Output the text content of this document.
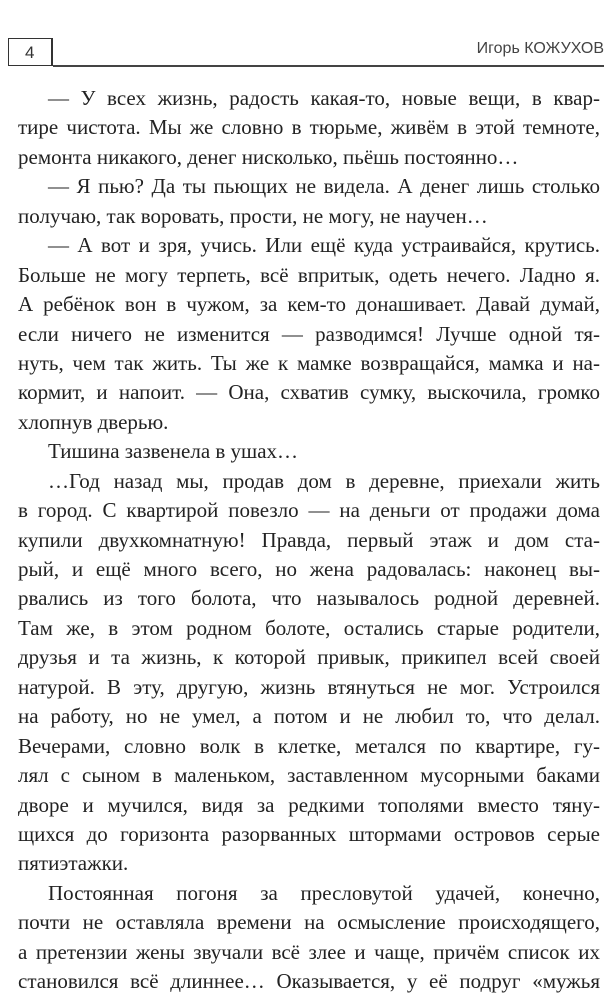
4	Игорь КОЖУХОВ
— У всех жизнь, радость какая-то, новые вещи, в квар-
тире чистота. Мы же словно в тюрьме, живём в этой темноте,
ремонта никакого, денег нисколько, пьёшь постоянно…
— Я пью? Да ты пьющих не видела. А денег лишь столько
получаю, так воровать, прости, не могу, не научен…
— А вот и зря, учись. Или ещё куда устраивайся, крутись.
Больше не могу терпеть, всё впритык, одеть нечего. Ладно я.
А ребёнок вон в чужом, за кем-то донашивает. Давай думай,
если ничего не изменится — разводимся! Лучше одной тя-
нуть, чем так жить. Ты же к мамке возвращайся, мамка и на-
кормит, и напоит. — Она, схватив сумку, выскочила, громко
хлопнув дверью.
Тишина зазвенела в ушах…
…Год назад мы, продав дом в деревне, приехали жить
в город. С квартирой повезло — на деньги от продажи дома
купили двухкомнатную! Правда, первый этаж и дом ста-
рый, и ещё много всего, но жена радовалась: наконец вы-
рвались из того болота, что называлось родной деревней.
Там же, в этом родном болоте, остались старые родители,
друзья и та жизнь, к которой привык, прикипел всей своей
натурой. В эту, другую, жизнь втянуться не мог. Устроился
на работу, но не умел, а потом и не любил то, что делал.
Вечерами, словно волк в клетке, метался по квартире, гу-
лял с сыном в маленьком, заставленном мусорными баками
дворе и мучился, видя за редкими тополями вместо тяну-
щихся до горизонта разорванных штормами островов серые
пятиэтажки.
Постоянная погоня за пресловутой удачей, конечно,
почти не оставляла времени на осмысление происходящего,
а претензии жены звучали всё злее и чаще, причём список их
становился всё длиннее… Оказывается, у её подруг «мужья
